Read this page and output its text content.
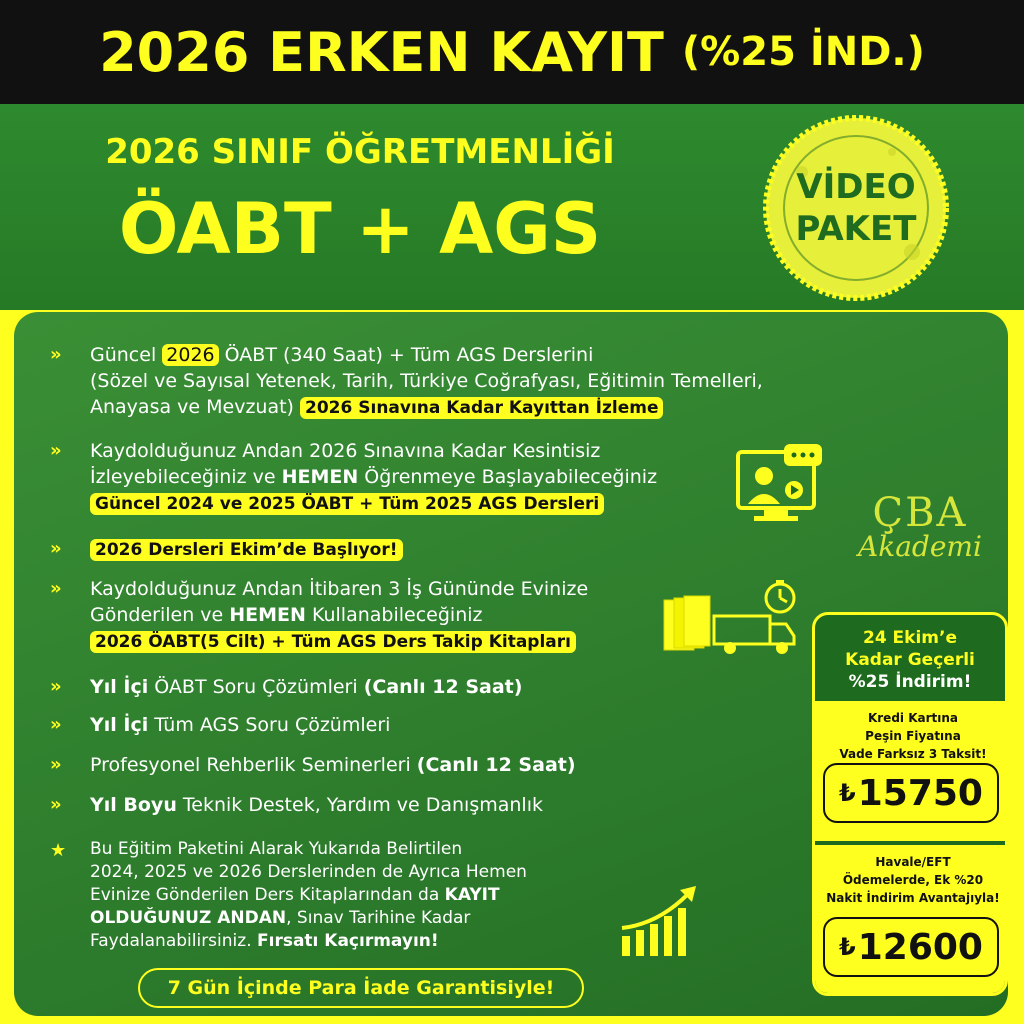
2026 ERKEN KAYIT (%25 İND.)
2026 SINIF ÖĞRETMENLİĞİ
ÖABT + AGS
VİDEO
PAKET
»	Güncel 2026 ÖABT (340 Saat) + Tüm AGS Derslerini
(Sözel ve Sayısal Yetenek, Tarih, Türkiye Coğrafyası, Eğitimin Temelleri,
Anayasa ve Mevzuat) 2026 Sınavına Kadar Kayıttan İzleme
»	Kaydolduğunuz Andan 2026 Sınavına Kadar Kesintisiz
İzleyebileceğiniz ve HEMEN Öğrenmeye Başlayabileceğiniz
Güncel 2024 ve 2025 ÖABT + Tüm 2025 AGS Dersleri
»	2026 Dersleri Ekim’de Başlıyor!
»	Kaydolduğunuz Andan İtibaren 3 İş Gününde Evinize
Gönderilen ve HEMEN Kullanabileceğiniz
2026 ÖABT(5 Cilt) + Tüm AGS Ders Takip Kitapları
»	Yıl İçi ÖABT Soru Çözümleri (Canlı 12 Saat)
»	Yıl İçi Tüm AGS Soru Çözümleri
»	Profesyonel Rehberlik Seminerleri (Canlı 12 Saat)
»	Yıl Boyu Teknik Destek, Yardım ve Danışmanlık
★	Bu Eğitim Paketini Alarak Yukarıda Belirtilen
2024, 2025 ve 2026 Derslerinden de Ayrıca Hemen
Evinize Gönderilen Ders Kitaplarından da KAYIT
OLDUĞUNUZ ANDAN, Sınav Tarihine Kadar
Faydalanabilirsiniz. Fırsatı Kaçırmayın!
7 Gün İçinde Para İade Garantisiyle!
ÇBA
Akademi
24 Ekim’e
Kadar Geçerli
%25 İndirim!
Kredi Kartına
Peşin Fiyatına
Vade Farksız 3 Taksit!
₺ 15750
Havale/EFT
Ödemelerde, Ek %20
Nakit İndirim Avantajıyla!
₺ 12600
